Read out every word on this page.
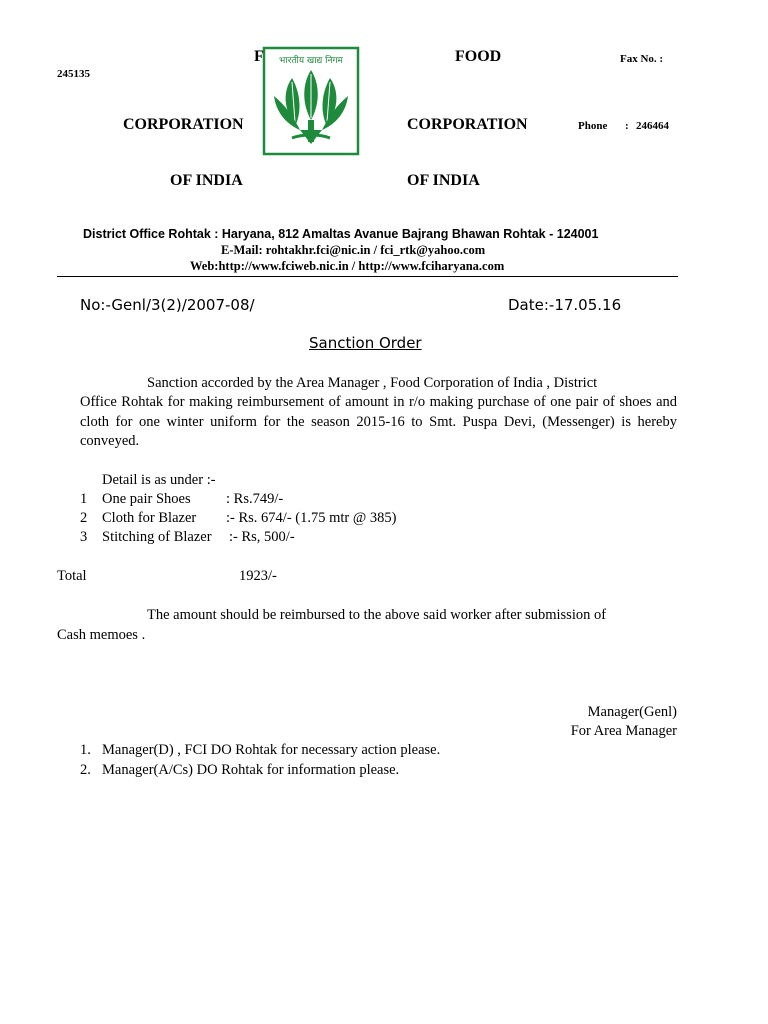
F	FOOD	Fax No. :
245135
CORPORATION	CORPORATION	Phone : 246464
OF INDIA	OF INDIA
भारतीय खाद्य निगम
District Office Rohtak : Haryana, 812 Amaltas Avanue Bajrang Bhawan Rohtak - 124001
E-Mail: rohtakhr.fci@nic.in / fci_rtk@yahoo.com
Web:http://www.fciweb.nic.in / http://www.fciharyana.com
No:-Genl/3(2)/2007-08/	Date:-17.05.16
Sanction Order
Sanction accorded by the Area Manager , Food Corporation of India , District
Office Rohtak for making reimbursement of amount in r/o making purchase of one pair of shoes and cloth for one winter uniform for the season 2015-16 to Smt. Puspa Devi, (Messenger) is hereby conveyed.
Detail is as under :-
1 One pair Shoes : Rs.749/-
2 Cloth for Blazer :- Rs. 674/- (1.75 mtr @ 385)
3 Stitching of Blazer :- Rs, 500/-
Total	1923/-
The amount should be reimbursed to the above said worker after submission of
Cash memoes .
Manager(Genl)
For Area Manager
1. Manager(D) , FCI DO Rohtak for necessary action please.
2. Manager(A/Cs) DO Rohtak for information please.
